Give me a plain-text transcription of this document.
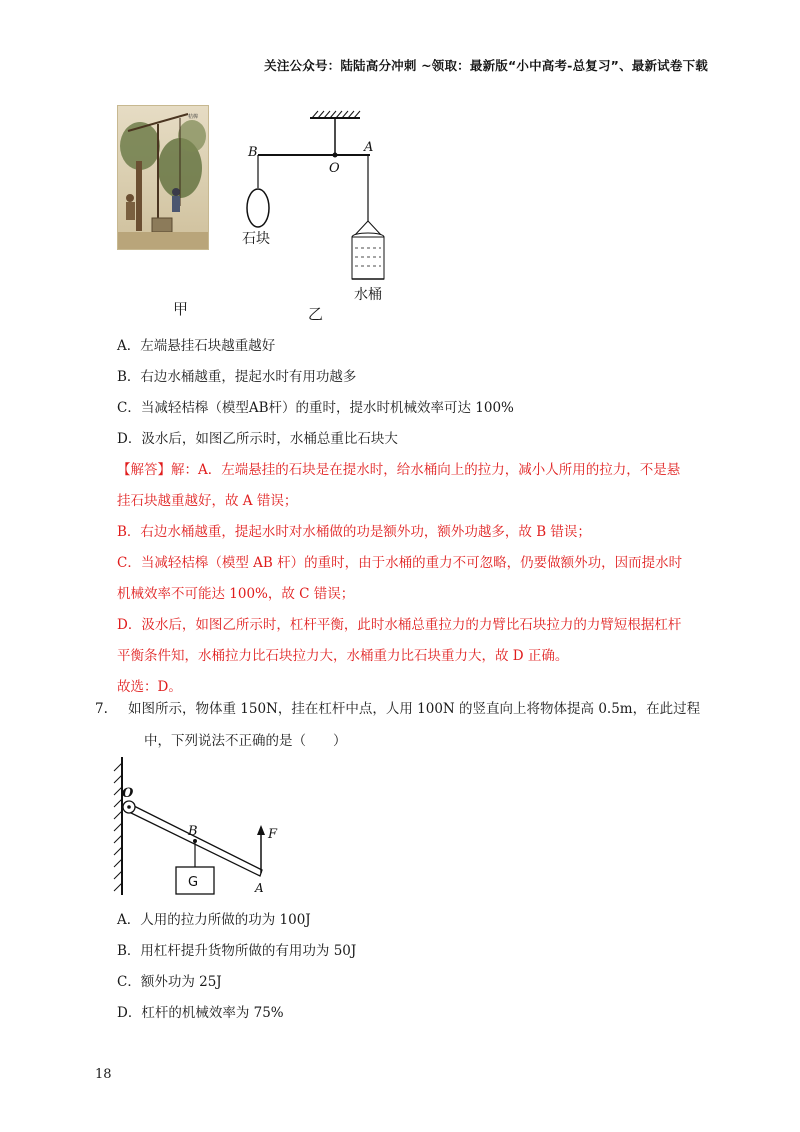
关注公众号：陆陆高分冲刺 ~领取：最新版“小中高考-总复习”、最新试卷下载
桔槔
B
O
A
石块
水桶
甲	乙
A．左端悬挂石块越重越好
B．右边水桶越重，提起水时有用功越多
C．当减轻桔槔（模型AB杆）的重时，提水时机械效率可达 100%
D．汲水后，如图乙所示时，水桶总重比石块大
【解答】解：A．左端悬挂的石块是在提水时，给水桶向上的拉力，减小人所用的拉力，不是悬
挂石块越重越好，故 A 错误；
B．右边水桶越重，提起水时对水桶做的功是额外功，额外功越多，故 B 错误；
C．当减轻桔槔（模型 AB 杆）的重时，由于水桶的重力不可忽略，仍要做额外功，因而提水时
机械效率不可能达 100%，故 C 错误；
D．汲水后，如图乙所示时，杠杆平衡，此时水桶总重拉力的力臂比石块拉力的力臂短根据杠杆
平衡条件知，水桶拉力比石块拉力大，水桶重力比石块重力大，故 D 正确。
故选：D。
7. 如图所示，物体重 150N，挂在杠杆中点，人用 100N 的竖直向上将物体提高 0.5m，在此过程
中，下列说法不正确的是（　　）
O
B
A
F
G
A．人用的拉力所做的功为 100J
B．用杠杆提升货物所做的有用功为 50J
C．额外功为 25J
D．杠杆的机械效率为 75%
18
